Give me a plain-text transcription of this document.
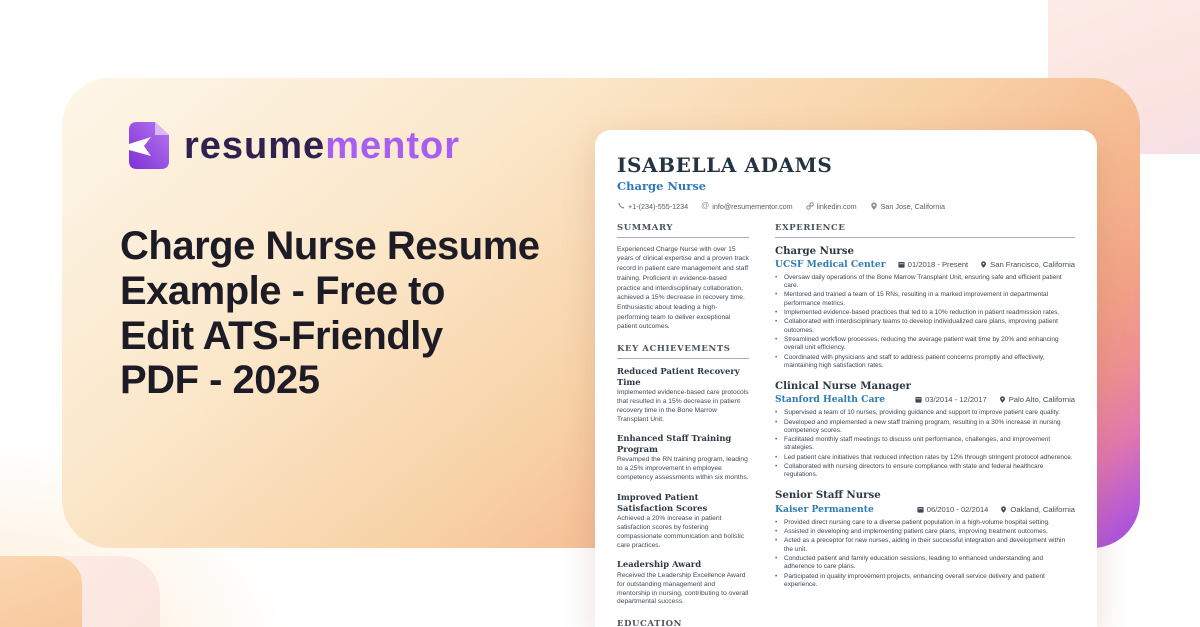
resumementor
Charge Nurse Resume
Example - Free to
Edit ATS-Friendly
PDF - 2025
ISABELLA ADAMS
Charge Nurse
+1-(234)-555-1234 @ info@resumementor.com	linkedin.com	San Jose, California
SUMMARY
Experienced Charge Nurse with over 15 years of clinical expertise and a proven track record in patient care management and staff training. Proficient in evidence-based practice and interdisciplinary collaboration, achieved a 15% decrease in recovery time. Enthusiastic about leading a high-performing team to deliver exceptional patient outcomes.
KEY ACHIEVEMENTS
Reduced Patient Recovery Time
Implemented evidence-based care protocols that resulted in a 15% decrease in patient recovery time in the Bone Marrow Transplant Unit.
Enhanced Staff Training Program
Revamped the RN training program, leading to a 25% improvement in employee competency assessments within six months.
Improved Patient Satisfaction Scores
Achieved a 20% increase in patient satisfaction scores by fostering compassionate communication and holistic care practices.
Leadership Award
Received the Leadership Excellence Award for outstanding management and mentorship in nursing, contributing to overall departmental success.
EDUCATION
EXPERIENCE
Charge Nurse
UCSF Medical Center	01/2018 - Present	San Francisco, California
•	Oversaw daily operations of the Bone Marrow Transplant Unit, ensuring safe and efficient patient care.
•	Mentored and trained a team of 15 RNs, resulting in a marked improvement in departmental performance metrics.
•	Implemented evidence-based practices that led to a 10% reduction in patient readmission rates.
•	Collaborated with interdisciplinary teams to develop individualized care plans, improving patient outcomes.
•	Streamlined workflow processes, reducing the average patient wait time by 20% and enhancing overall unit efficiency.
•	Coordinated with physicians and staff to address patient concerns promptly and effectively, maintaining high satisfaction rates.
Clinical Nurse Manager
Stanford Health Care	03/2014 - 12/2017	Palo Alto, California
•	Supervised a team of 10 nurses, providing guidance and support to improve patient care quality.
•	Developed and implemented a new staff training program, resulting in a 30% increase in nursing competency scores.
•	Facilitated monthly staff meetings to discuss unit performance, challenges, and improvement strategies.
•	Led patient care initiatives that reduced infection rates by 12% through stringent protocol adherence.
•	Collaborated with nursing directors to ensure compliance with state and federal healthcare regulations.
Senior Staff Nurse
Kaiser Permanente	06/2010 - 02/2014	Oakland, California
•	Provided direct nursing care to a diverse patient population in a high-volume hospital setting.
•	Assisted in developing and implementing patient care plans, improving treatment outcomes.
•	Acted as a preceptor for new nurses, aiding in their successful integration and development within the unit.
•	Conducted patient and family education sessions, leading to enhanced understanding and adherence to care plans.
•	Participated in quality improvement projects, enhancing overall service delivery and patient experience.
